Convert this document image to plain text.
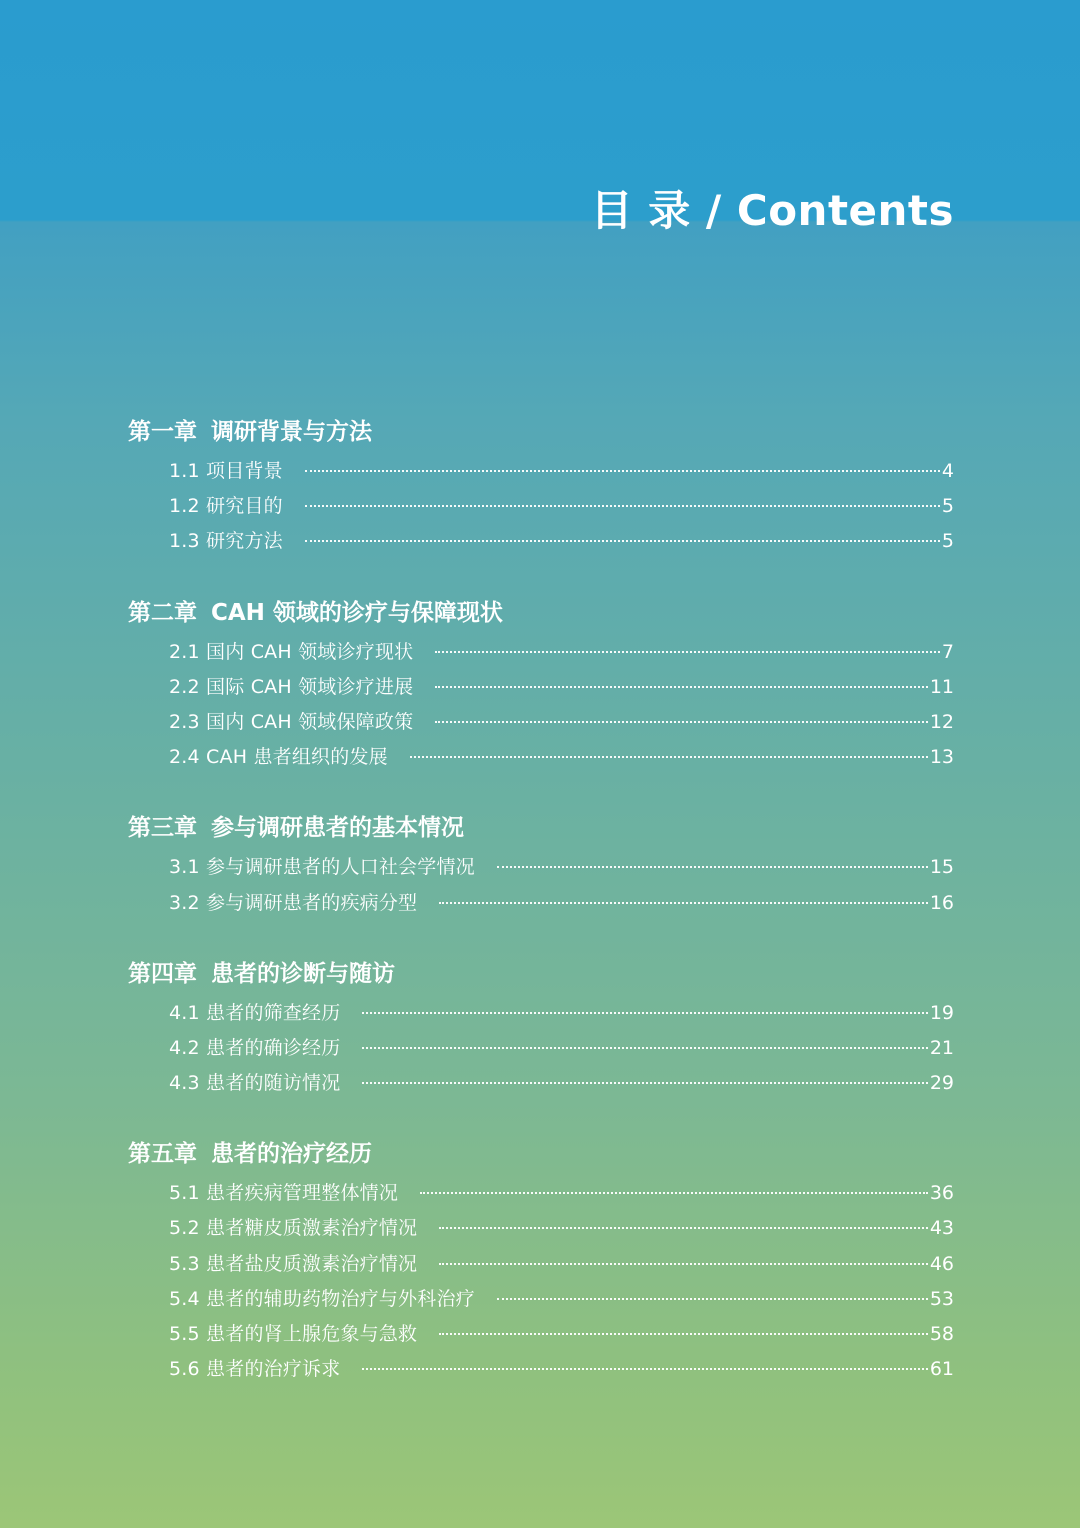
目 录 / Contents
第一章 调研背景与方法
1.1 项目背景	4
1.2 研究目的	5
1.3 研究方法	5
第二章 CAH 领域的诊疗与保障现状
2.1 国内 CAH 领域诊疗现状	7
2.2 国际 CAH 领域诊疗进展	11
2.3 国内 CAH 领域保障政策	12
2.4 CAH 患者组织的发展	13
第三章 参与调研患者的基本情况
3.1 参与调研患者的人口社会学情况	15
3.2 参与调研患者的疾病分型	16
第四章 患者的诊断与随访
4.1 患者的筛查经历	19
4.2 患者的确诊经历	21
4.3 患者的随访情况	29
第五章 患者的治疗经历
5.1 患者疾病管理整体情况	36
5.2 患者糖皮质激素治疗情况	43
5.3 患者盐皮质激素治疗情况	46
5.4 患者的辅助药物治疗与外科治疗	53
5.5 患者的肾上腺危象与急救	58
5.6 患者的治疗诉求	61
